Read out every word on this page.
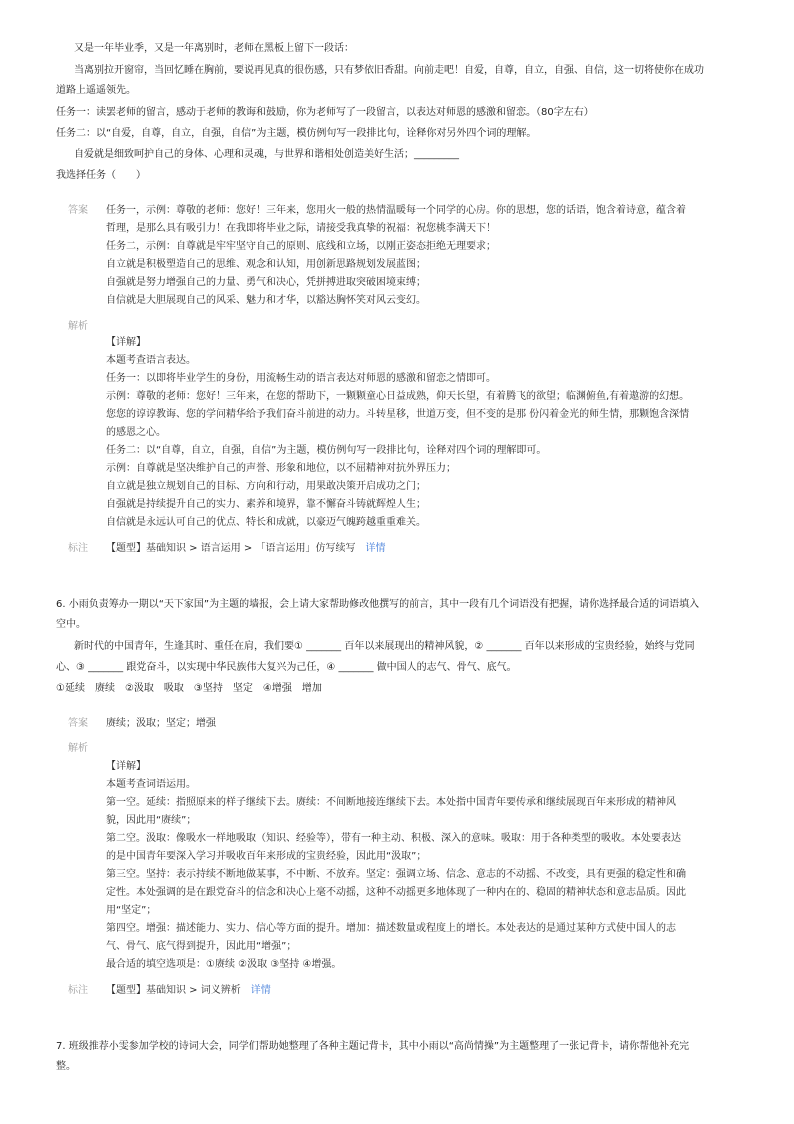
又是一年毕业季，又是一年离别时，老师在黑板上留下一段话：
当离别拉开窗帘，当回忆睡在胸前，要说再见真的很伤感，只有梦依旧香甜。向前走吧！自爱，自尊，自立，自强、自信，这一切将使你在成功
道路上遥遥领先。
任务一：读罢老师的留言，感动于老师的教诲和鼓励，你为老师写了一段留言，以表达对师恩的感激和留恋。（80字左右）
任务二：以“自爱，自尊，自立，自强，自信”为主题，模仿例句写一段排比句，诠释你对另外四个词的理解。
自爱就是细致呵护自己的身体、心理和灵魂，与世界和谐相处创造美好生活；_________
我选择任务（　　）
答案 任务一，示例：尊敬的老师：您好！三年来，您用火一般的热情温暖每一个同学的心房。你的思想，您的话语，饱含着诗意，蕴含着
哲理，是那么具有吸引力！在我即将毕业之际，请接受我真挚的祝福：祝您桃李满天下！
任务二，示例：自尊就是牢牢坚守自己的原则、底线和立场，以刚正姿态拒绝无理要求；
自立就是积极塑造自己的思维、观念和认知，用创新思路规划发展蓝图；
自强就是努力增强自己的力量、勇气和决心，凭拼搏进取突破困境束缚；
自信就是大胆展现自己的风采、魅力和才华，以豁达胸怀笑对风云变幻。
解析
【详解】
本题考查语言表达。
任务一：以即将毕业学生的身份，用流畅生动的语言表达对师恩的感激和留恋之情即可。
示例：尊敬的老师：您好！三年来，在您的帮助下，一颗颗童心日益成熟，仰天长望，有着腾飞的欲望；临渊俯鱼,有着遨游的幻想。
您您的谆谆教诲、您的学问精华给予我们奋斗前进的动力。斗转星移，世道万变，但不变的是那 份闪着金光的师生情，那颗饱含深情
的感恩之心。
任务二：以“自尊，自立，自强，自信”为主题，模仿例句写一段排比句，诠释对四个词的理解即可。
示例：自尊就是坚决维护自己的声誉、形象和地位，以不屈精神对抗外界压力；
自立就是独立规划自己的目标、方向和行动，用果敢决策开启成功之门；
自强就是持续提升自己的实力、素养和境界，靠不懈奋斗铸就辉煌人生；
自信就是永远认可自己的优点、特长和成就，以豪迈气魄跨越重重难关。
标注 【题型】基础知识 > 语言运用 > 「语言运用」仿写续写 详情
6. 小雨负责筹办一期以“天下家国”为主题的墙报，会上请大家帮助修改他撰写的前言，其中一段有几个词语没有把握，请你选择最合适的词语填入
空中。
新时代的中国青年，生逢其时、重任在肩，我们要① _______ 百年以来展现出的精神风貌，② _______ 百年以来形成的宝贵经验，始终与党同
心、③ _______ 跟党奋斗，以实现中华民族伟大复兴为己任，④ _______ 做中国人的志气、骨气、底气。
①延续　赓续　②汲取　吸取　③坚持　坚定　④增强　增加
答案 赓续；汲取；坚定；增强
解析
【详解】
本题考查词语运用。
第一空。延续：指照原来的样子继续下去。赓续：不间断地接连继续下去。本处指中国青年要传承和继续展现百年来形成的精神风
貌，因此用“赓续”；
第二空。汲取：像吸水一样地吸取（知识、经验等），带有一种主动、积极、深入的意味。吸取：用于各种类型的吸收。本处要表达
的是中国青年要深入学习并吸收百年来形成的宝贵经验，因此用“汲取”；
第三空。坚持：表示持续不断地做某事，不中断、不放弃。坚定：强调立场、信念、意志的不动摇、不改变，具有更强的稳定性和确
定性。本处强调的是在跟党奋斗的信念和决心上毫不动摇，这种不动摇更多地体现了一种内在的、稳固的精神状态和意志品质。因此
用“坚定”；
第四空。增强：描述能力、实力、信心等方面的提升。增加：描述数量或程度上的增长。本处表达的是通过某种方式使中国人的志
气、骨气、底气得到提升，因此用“增强”；
最合适的填空选项是：①赓续 ②汲取 ③坚持 ④增强。
标注 【题型】基础知识 > 词义辨析 详情
7. 班级推荐小雯参加学校的诗词大会，同学们帮助她整理了各种主题记背卡，其中小雨以“高尚情操”为主题整理了一张记背卡，请你帮他补充完
整。
